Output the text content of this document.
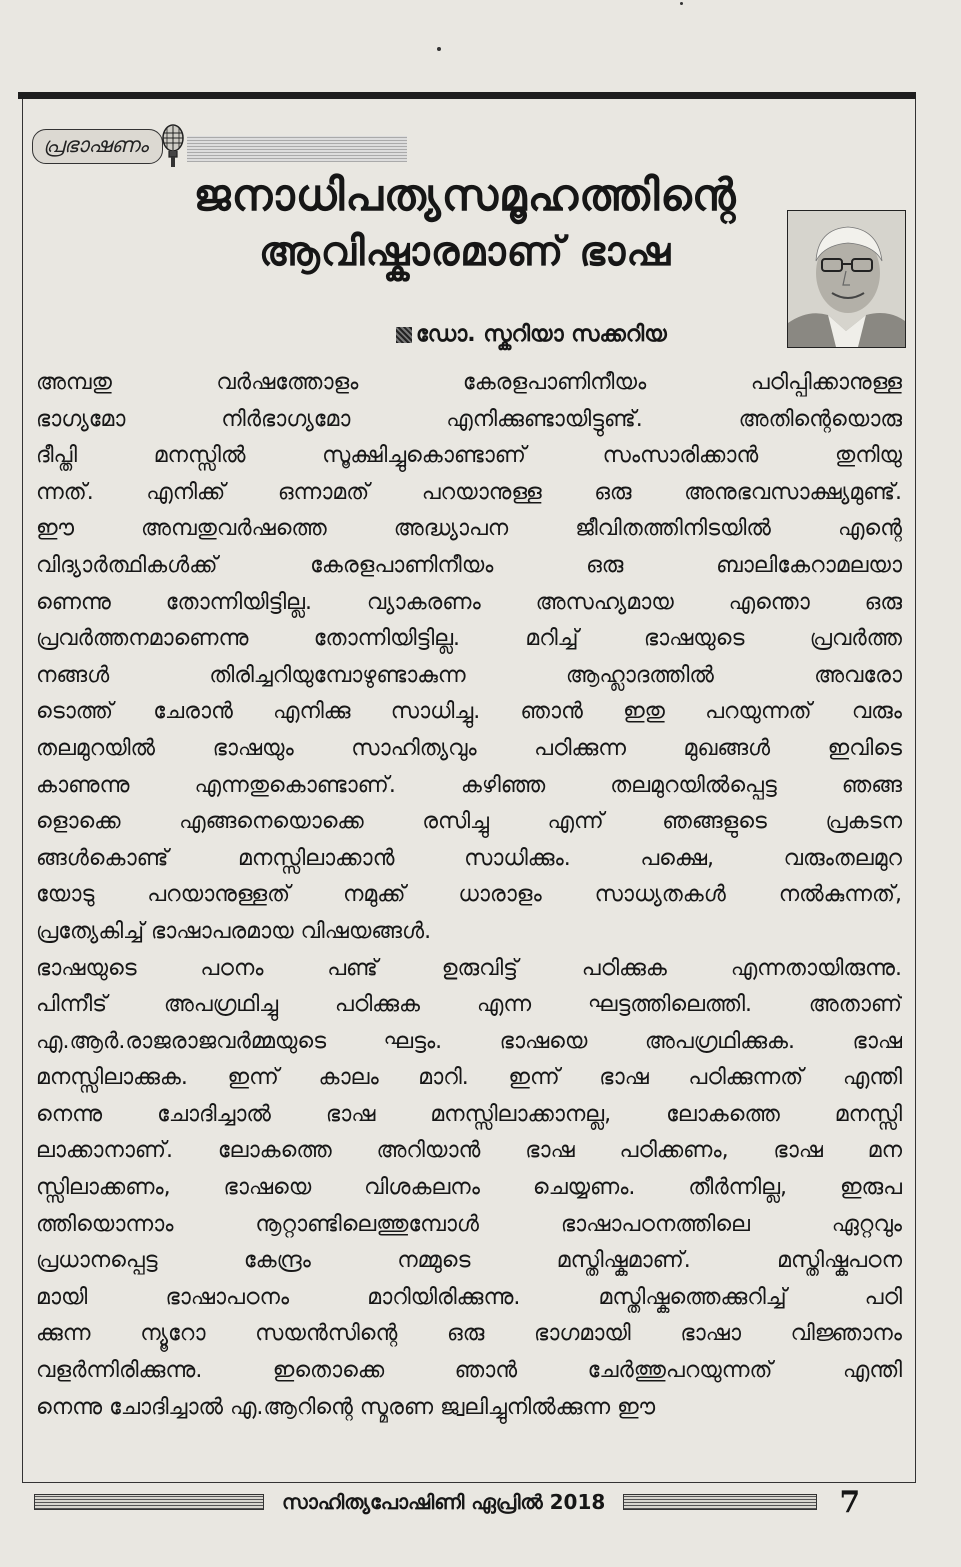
പ്രഭാഷണം
ജനാധിപത്യസമൂഹത്തിന്റെ
ആവിഷ്കാരമാണ് ഭാഷ
ഡോ. സ്കറിയാ സക്കറിയ
അമ്പതു വർഷത്തോളം കേരളപാണിനീയം പഠിപ്പിക്കാനുള്ള
ഭാഗ്യമോ നിർഭാഗ്യമോ എനിക്കുണ്ടായിട്ടുണ്ട്. അതിന്റെയൊരു
ദീപ്തി മനസ്സിൽ സൂക്ഷിച്ചുകൊണ്ടാണ് സംസാരിക്കാൻ തുനിയു
ന്നത്. എനിക്ക് ഒന്നാമത് പറയാനുള്ള ഒരു അനുഭവസാക്ഷ്യമുണ്ട്.
ഈ അമ്പതുവർഷത്തെ അദ്ധ്യാപന ജീവിതത്തിനിടയിൽ എന്റെ
വിദ്യാർത്ഥികൾക്ക് കേരളപാണിനീയം ഒരു ബാലികേറാമലയാ
ണെന്നു തോന്നിയിട്ടില്ല. വ്യാകരണം അസഹ്യമായ എന്തൊ ഒരു
പ്രവർത്തനമാണെന്നു തോന്നിയിട്ടില്ല. മറിച്ച് ഭാഷയുടെ പ്രവർത്ത
നങ്ങൾ തിരിച്ചറിയുമ്പോഴുണ്ടാകുന്ന ആഹ്ലാദത്തിൽ അവരോ
ടൊത്ത് ചേരാൻ എനിക്കു സാധിച്ചു. ഞാൻ ഇതു പറയുന്നത് വരും
തലമുറയിൽ ഭാഷയും സാഹിത്യവും പഠിക്കുന്ന മുഖങ്ങൾ ഇവിടെ
കാണുന്നു എന്നതുകൊണ്ടാണ്. കഴിഞ്ഞ തലമുറയിൽപ്പെട്ട ഞങ്ങ
ളൊക്കെ എങ്ങനെയൊക്കെ രസിച്ചു എന്ന് ഞങ്ങളുടെ പ്രകടന
ങ്ങൾകൊണ്ട് മനസ്സിലാക്കാൻ സാധിക്കും. പക്ഷെ, വരുംതലമുറ
യോടു പറയാനുള്ളത് നമുക്ക് ധാരാളം സാധ്യതകൾ നൽകുന്നത്,
പ്രത്യേകിച്ച് ഭാഷാപരമായ വിഷയങ്ങൾ.
ഭാഷയുടെ പഠനം പണ്ട് ഉരുവിട്ട് പഠിക്കുക എന്നതായിരുന്നു.
പിന്നീട് അപഗ്രഥിച്ചു പഠിക്കുക എന്ന ഘട്ടത്തിലെത്തി. അതാണ്
എ.ആർ.രാജരാജവർമ്മയുടെ ഘട്ടം. ഭാഷയെ അപഗ്രഥിക്കുക. ഭാഷ
മനസ്സിലാക്കുക. ഇന്ന് കാലം മാറി. ഇന്ന് ഭാഷ പഠിക്കുന്നത് എന്തി
നെന്നു ചോദിച്ചാൽ ഭാഷ മനസ്സിലാക്കാനല്ല, ലോകത്തെ മനസ്സി
ലാക്കാനാണ്. ലോകത്തെ അറിയാൻ ഭാഷ പഠിക്കണം, ഭാഷ മന
സ്സിലാക്കണം, ഭാഷയെ വിശകലനം ചെയ്യണം. തീർന്നില്ല, ഇരുപ
ത്തിയൊന്നാം നൂറ്റാണ്ടിലെത്തുമ്പോൾ ഭാഷാപഠനത്തിലെ ഏറ്റവും
പ്രധാനപ്പെട്ട കേന്ദ്രം നമ്മുടെ മസ്തിഷ്കമാണ്. മസ്തിഷ്കപഠന
മായി ഭാഷാപഠനം മാറിയിരിക്കുന്നു. മസ്തിഷ്കത്തെക്കുറിച്ച് പഠി
ക്കുന്ന ന്യൂറോ സയൻസിന്റെ ഒരു ഭാഗമായി ഭാഷാ വിജ്ഞാനം
വളർന്നിരിക്കുന്നു. ഇതൊക്കെ ഞാൻ ചേർത്തുപറയുന്നത് എന്തി
നെന്നു ചോദിച്ചാൽ എ.ആറിന്റെ സ്മരണ ജ്വലിച്ചുനിൽക്കുന്ന ഈ
സാഹിത്യപോഷിണി ഏപ്രിൽ 2018	7
